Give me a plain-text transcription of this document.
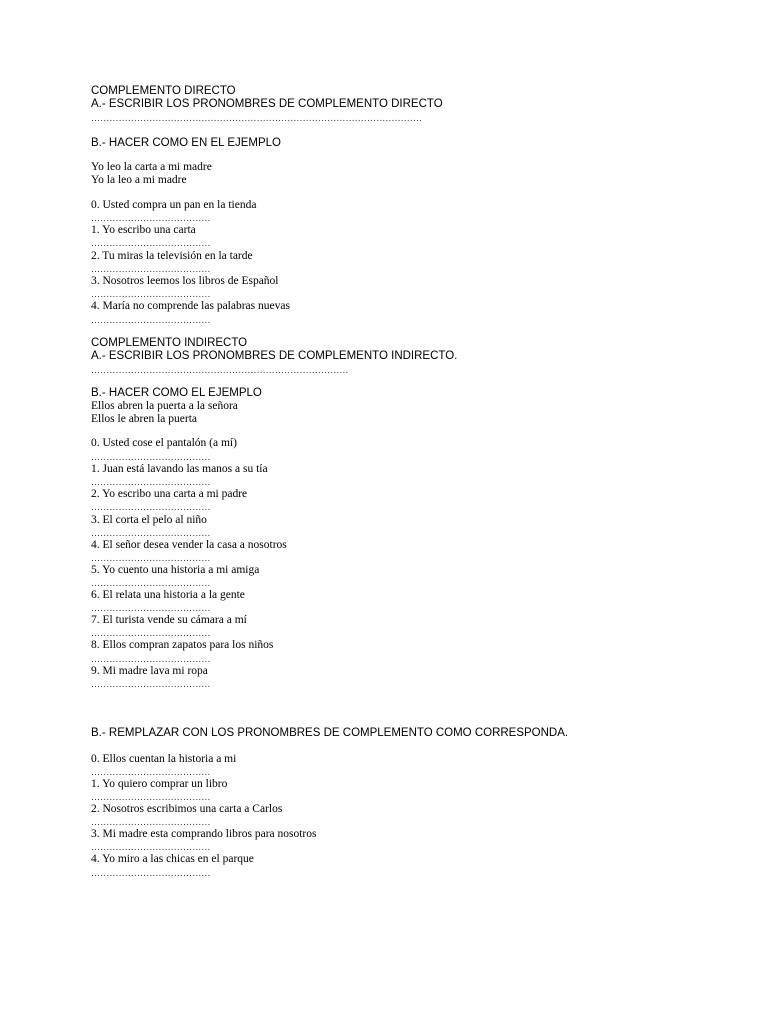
COMPLEMENTO DIRECTO
A.- ESCRIBIR LOS PRONOMBRES DE COMPLEMENTO DIRECTO
………………………………………………………………………………………………
B.- HACER COMO EN EL EJEMPLO
Yo leo la carta a mi madre
Yo la leo a mi madre
0. Usted compra un pan en la tienda
…………………………………
1. Yo escribo una carta
…………………………………
2. Tu miras la televisión en la tarde
…………………………………
3. Nosotros leemos los libros de Español
…………………………………
4. María no comprende las palabras nuevas
…………………………………
COMPLEMENTO INDIRECTO
A.- ESCRIBIR LOS PRONOMBRES DE COMPLEMENTO INDIRECTO.
…………………………………………………………………………
B.- HACER COMO EL EJEMPLO
Ellos abren la puerta a la señora
Ellos le abren la puerta
0. Usted cose el pantalón (a mí)
…………………………………
1. Juan está lavando las manos a su tía
…………………………………
2. Yo escribo una carta a mi padre
…………………………………
3. El corta el pelo al niño
…………………………………
4. El señor desea vender la casa a nosotros
…………………………………
5. Yo cuento una historia a mi amiga
…………………………………
6. El relata una historia a la gente
…………………………………
7. El turista vende su cámara a mí
…………………………………
8. Ellos compran zapatos para los niños
…………………………………
9. Mi madre lava mi ropa
…………………………………
B.- REMPLAZAR CON LOS PRONOMBRES DE COMPLEMENTO COMO CORRESPONDA.
0. Ellos cuentan la historia a mi
…………………………………
1. Yo quiero comprar un libro
…………………………………
2. Nosotros escribimos una carta a Carlos
…………………………………
3. Mi madre esta comprando libros para nosotros
…………………………………
4. Yo miro a las chicas en el parque
…………………………………
